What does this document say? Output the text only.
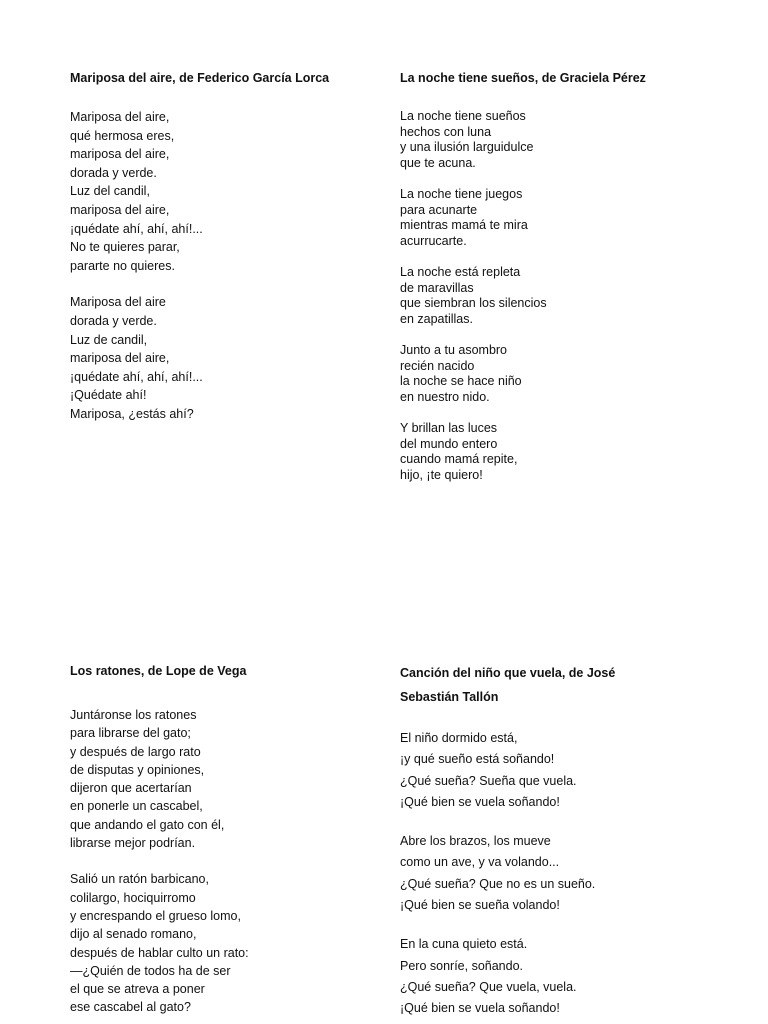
Mariposa del aire, de Federico García Lorca
Mariposa del aire,
qué hermosa eres,
mariposa del aire,
dorada y verde.
Luz del candil,
mariposa del aire,
¡quédate ahí, ahí, ahí!...
No te quieres parar,
pararte no quieres.
Mariposa del aire
dorada y verde.
Luz de candil,
mariposa del aire,
¡quédate ahí, ahí, ahí!...
¡Quédate ahí!
Mariposa, ¿estás ahí?
La noche tiene sueños, de Graciela Pérez
La noche tiene sueños
hechos con luna
y una ilusión larguidulce
que te acuna.
La noche tiene juegos
para acunarte
mientras mamá te mira
acurrucarte.
La noche está repleta
de maravillas
que siembran los silencios
en zapatillas.
Junto a tu asombro
recién nacido
la noche se hace niño
en nuestro nido.
Y brillan las luces
del mundo entero
cuando mamá repite,
hijo, ¡te quiero!
Los ratones, de Lope de Vega
Juntáronse los ratones
para librarse del gato;
y después de largo rato
de disputas y opiniones,
dijeron que acertarían
en ponerle un cascabel,
que andando el gato con él,
librarse mejor podrían.
Salió un ratón barbicano,
colilargo, hociquirromo
y encrespando el grueso lomo,
dijo al senado romano,
después de hablar culto un rato:
—¿Quién de todos ha de ser
el que se atreva a poner
ese cascabel al gato?
Canción del niño que vuela, de José
Sebastián Tallón
El niño dormido está,
¡y qué sueño está soñando!
¿Qué sueña? Sueña que vuela.
¡Qué bien se vuela soñando!
Abre los brazos, los mueve
como un ave, y va volando...
¿Qué sueña? Que no es un sueño.
¡Qué bien se sueña volando!
En la cuna quieto está.
Pero sonríe, soñando.
¿Qué sueña? Que vuela, vuela.
¡Qué bien se vuela soñando!
